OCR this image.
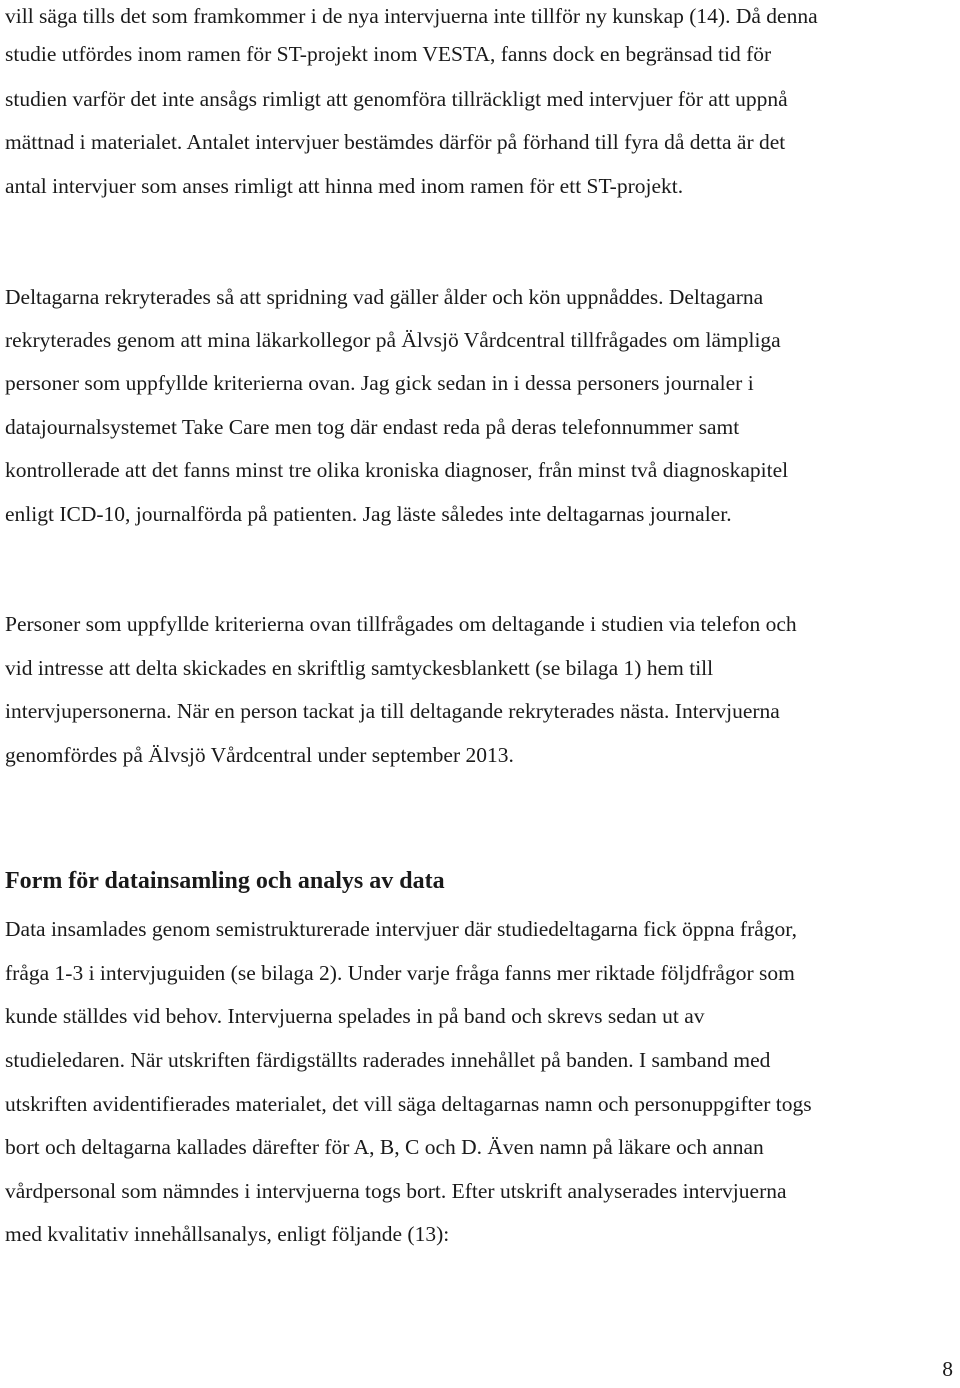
vill säga tills det som framkommer i de nya intervjuerna inte tillför ny kunskap (14). Då denna
studie utfördes inom ramen för ST-projekt inom VESTA, fanns dock en begränsad tid för
studien varför det inte ansågs rimligt att genomföra tillräckligt med intervjuer för att uppnå
mättnad i materialet. Antalet intervjuer bestämdes därför på förhand till fyra då detta är det
antal intervjuer som anses rimligt att hinna med inom ramen för ett ST-projekt.
Deltagarna rekryterades så att spridning vad gäller ålder och kön uppnåddes. Deltagarna
rekryterades genom att mina läkarkollegor på Älvsjö Vårdcentral tillfrågades om lämpliga
personer som uppfyllde kriterierna ovan. Jag gick sedan in i dessa personers journaler i
datajournalsystemet Take Care men tog där endast reda på deras telefonnummer samt
kontrollerade att det fanns minst tre olika kroniska diagnoser, från minst två diagnoskapitel
enligt ICD-10, journalförda på patienten. Jag läste således inte deltagarnas journaler.
Personer som uppfyllde kriterierna ovan tillfrågades om deltagande i studien via telefon och
vid intresse att delta skickades en skriftlig samtyckesblankett (se bilaga 1) hem till
intervjupersonerna. När en person tackat ja till deltagande rekryterades nästa. Intervjuerna
genomfördes på Älvsjö Vårdcentral under september 2013.
Form för datainsamling och analys av data
Data insamlades genom semistrukturerade intervjuer där studiedeltagarna fick öppna frågor,
fråga 1-3 i intervjuguiden (se bilaga 2). Under varje fråga fanns mer riktade följdfrågor som
kunde ställdes vid behov. Intervjuerna spelades in på band och skrevs sedan ut av
studieledaren. När utskriften färdigställts raderades innehållet på banden. I samband med
utskriften avidentifierades materialet, det vill säga deltagarnas namn och personuppgifter togs
bort och deltagarna kallades därefter för A, B, C och D. Även namn på läkare och annan
vårdpersonal som nämndes i intervjuerna togs bort. Efter utskrift analyserades intervjuerna
med kvalitativ innehållsanalys, enligt följande (13):
8
